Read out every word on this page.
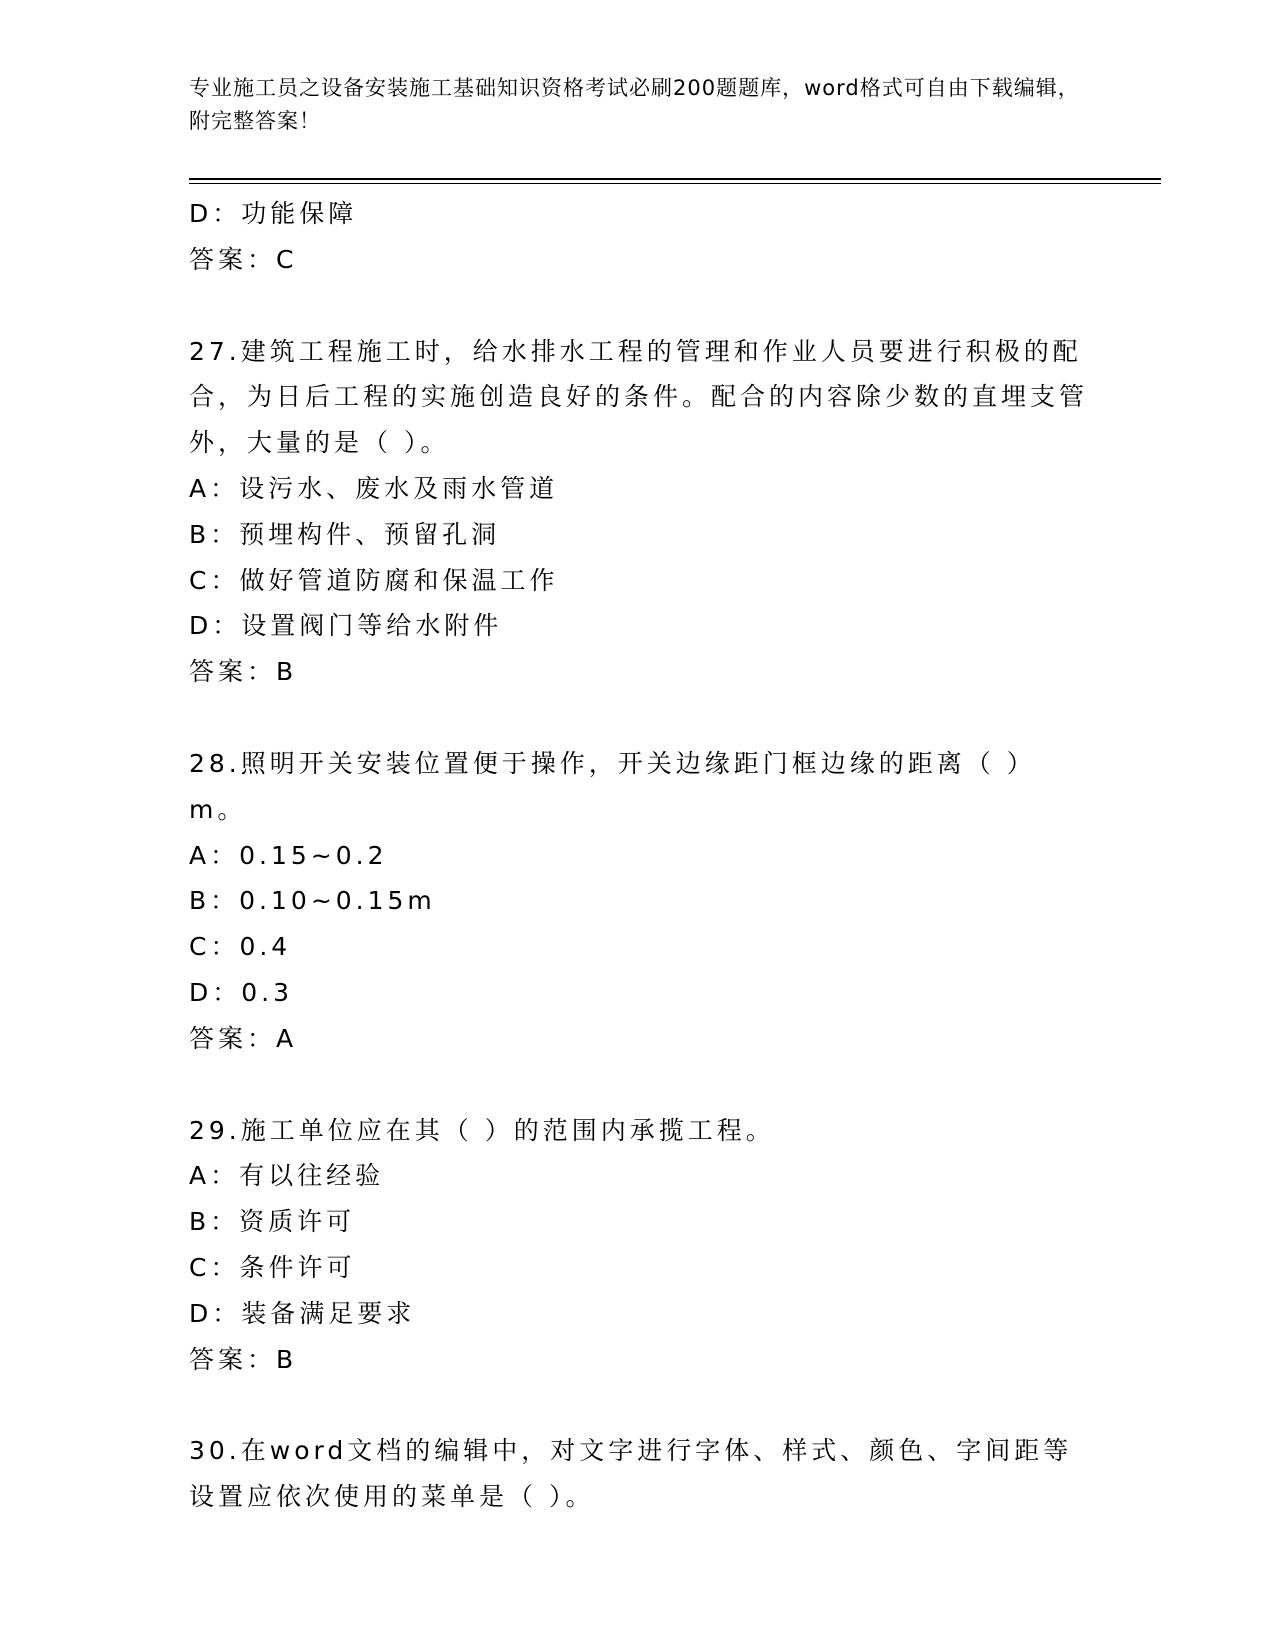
专业施工员之设备安装施工基础知识资格考试必刷200题题库，word格式可自由下载编辑，附完整答案！
D：功能保障
答案：C
27.建筑工程施工时，给水排水工程的管理和作业人员要进行积极的配合，为日后工程的实施创造良好的条件。配合的内容除少数的直埋支管外，大量的是（ ）。
A：设污水、废水及雨水管道
B：预埋构件、预留孔洞
C：做好管道防腐和保温工作
D：设置阀门等给水附件
答案：B
28.照明开关安装位置便于操作，开关边缘距门框边缘的距离（ ）m。
A：0.15~0.2
B：0.10~0.15m
C：0.4
D：0.3
答案：A
29.施工单位应在其（ ）的范围内承揽工程。
A：有以往经验
B：资质许可
C：条件许可
D：装备满足要求
答案：B
30.在word文档的编辑中，对文字进行字体、样式、颜色、字间距等设置应依次使用的菜单是（ ）。
